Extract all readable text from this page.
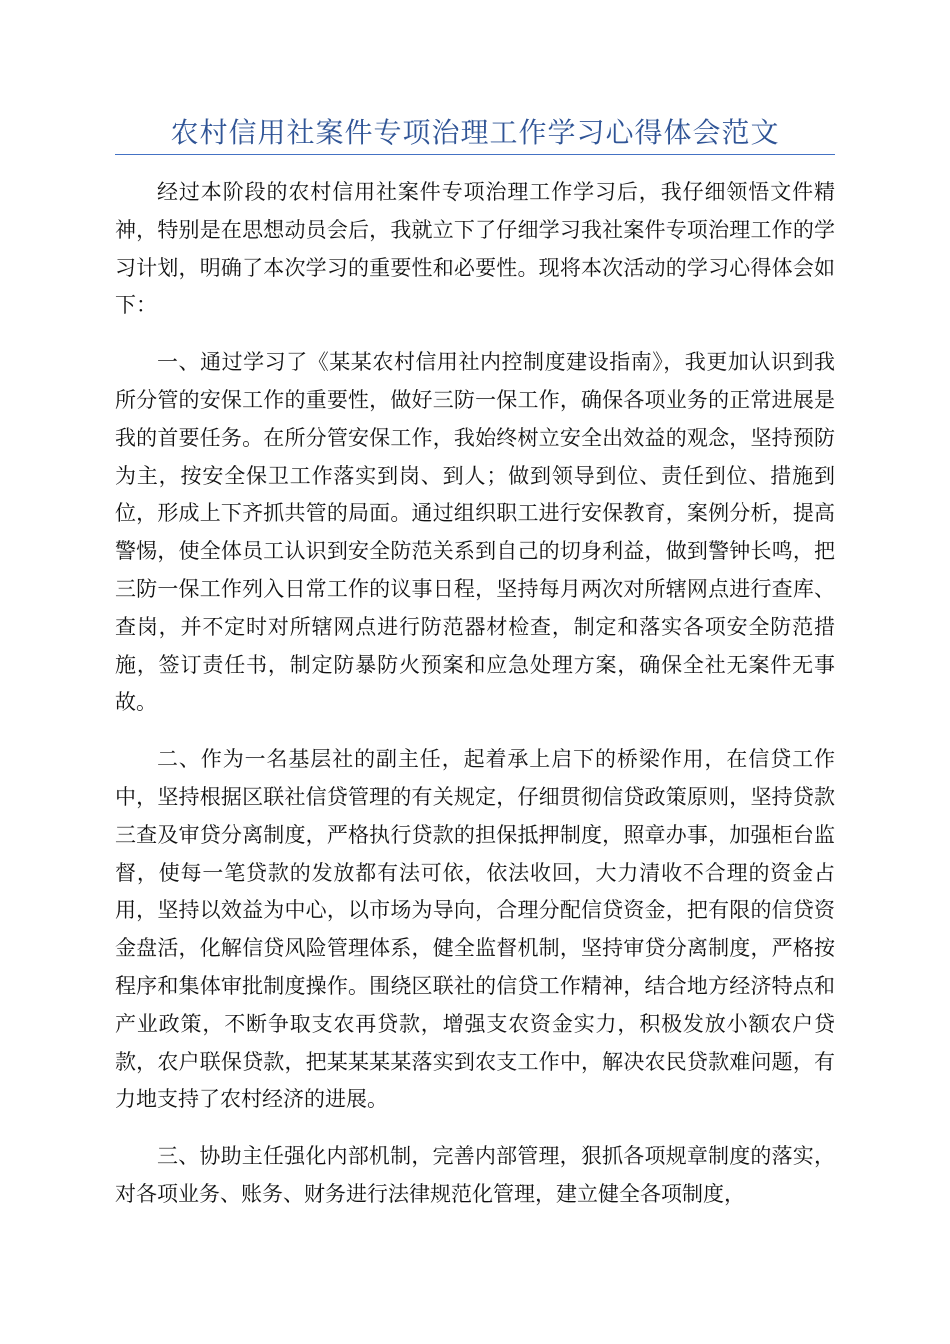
农村信用社案件专项治理工作学习心得体会范文

经过本阶段的农村信用社案件专项治理工作学习后，我仔细领悟文件精神，特别是在思想动员会后，我就立下了仔细学习我社案件专项治理工作的学习计划，明确了本次学习的重要性和必要性。现将本次活动的学习心得体会如下：

一、通过学习了《某某农村信用社内控制度建设指南》，我更加认识到我所分管的安保工作的重要性，做好三防一保工作，确保各项业务的正常进展是我的首要任务。在所分管安保工作，我始终树立安全出效益的观念，坚持预防为主，按安全保卫工作落实到岗、到人；做到领导到位、责任到位、措施到位，形成上下齐抓共管的局面。通过组织职工进行安保教育，案例分析，提高警惕，使全体员工认识到安全防范关系到自己的切身利益，做到警钟长鸣，把三防一保工作列入日常工作的议事日程，坚持每月两次对所辖网点进行查库、查岗，并不定时对所辖网点进行防范器材检查，制定和落实各项安全防范措施，签订责任书，制定防暴防火预案和应急处理方案，确保全社无案件无事故。

二、作为一名基层社的副主任，起着承上启下的桥梁作用，在信贷工作中，坚持根据区联社信贷管理的有关规定，仔细贯彻信贷政策原则，坚持贷款三查及审贷分离制度，严格执行贷款的担保抵押制度，照章办事，加强柜台监督，使每一笔贷款的发放都有法可依，依法收回，大力清收不合理的资金占用，坚持以效益为中心，以市场为导向，合理分配信贷资金，把有限的信贷资金盘活，化解信贷风险管理体系，健全监督机制，坚持审贷分离制度，严格按程序和集体审批制度操作。围绕区联社的信贷工作精神，结合地方经济特点和产业政策，不断争取支农再贷款，增强支农资金实力，积极发放小额农户贷款，农户联保贷款，把某某某某落实到农支工作中，解决农民贷款难问题，有力地支持了农村经济的进展。

三、协助主任强化内部机制，完善内部管理，狠抓各项规章制度的落实，对各项业务、账务、财务进行法律规范化管理，建立健全各项制度，
